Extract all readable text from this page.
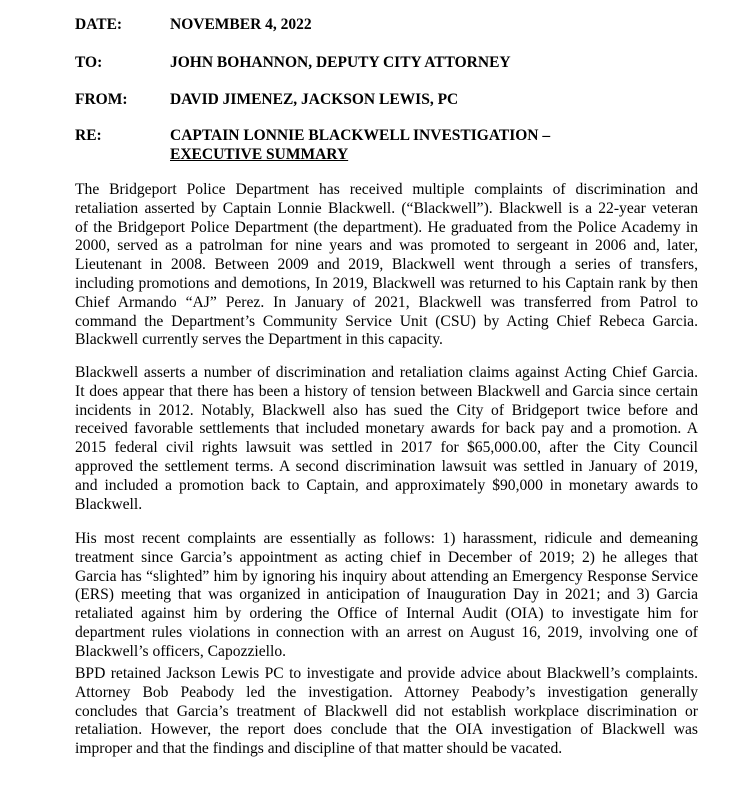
DATE:	NOVEMBER 4, 2022
TO:	JOHN BOHANNON, DEPUTY CITY ATTORNEY
FROM:	DAVID JIMENEZ, JACKSON LEWIS, PC
RE:	CAPTAIN LONNIE BLACKWELL INVESTIGATION –
EXECUTIVE SUMMARY
The Bridgeport Police Department has received multiple complaints of discrimination and
retaliation asserted by Captain Lonnie Blackwell. (“Blackwell”). Blackwell is a 22-year veteran
of the Bridgeport Police Department (the department). He graduated from the Police Academy in
2000, served as a patrolman for nine years and was promoted to sergeant in 2006 and, later,
Lieutenant in 2008. Between 2009 and 2019, Blackwell went through a series of transfers,
including promotions and demotions, In 2019, Blackwell was returned to his Captain rank by then
Chief Armando “AJ” Perez. In January of 2021, Blackwell was transferred from Patrol to
command the Department’s Community Service Unit (CSU) by Acting Chief Rebeca Garcia.
Blackwell currently serves the Department in this capacity.
Blackwell asserts a number of discrimination and retaliation claims against Acting Chief Garcia.
It does appear that there has been a history of tension between Blackwell and Garcia since certain
incidents in 2012. Notably, Blackwell also has sued the City of Bridgeport twice before and
received favorable settlements that included monetary awards for back pay and a promotion. A
2015 federal civil rights lawsuit was settled in 2017 for $65,000.00, after the City Council
approved the settlement terms. A second discrimination lawsuit was settled in January of 2019,
and included a promotion back to Captain, and approximately $90,000 in monetary awards to
Blackwell.
His most recent complaints are essentially as follows: 1) harassment, ridicule and demeaning
treatment since Garcia’s appointment as acting chief in December of 2019; 2) he alleges that
Garcia has “slighted” him by ignoring his inquiry about attending an Emergency Response Service
(ERS) meeting that was organized in anticipation of Inauguration Day in 2021; and 3) Garcia
retaliated against him by ordering the Office of Internal Audit (OIA) to investigate him for
department rules violations in connection with an arrest on August 16, 2019, involving one of
Blackwell’s officers, Capozziello.
BPD retained Jackson Lewis PC to investigate and provide advice about Blackwell’s complaints.
Attorney Bob Peabody led the investigation. Attorney Peabody’s investigation generally
concludes that Garcia’s treatment of Blackwell did not establish workplace discrimination or
retaliation. However, the report does conclude that the OIA investigation of Blackwell was
improper and that the findings and discipline of that matter should be vacated.
